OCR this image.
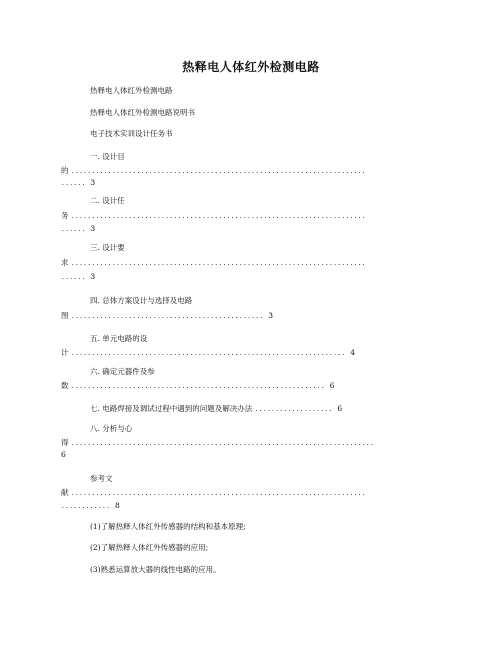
热释电人体红外检测电路
热释电人体红外检测电路
热释电人体红外检测电路说明书
电子技术实训设计任务书
一. 设计目
的 ........................................................................
...... 3
二. 设计任
务 ........................................................................
...... 3
三. 设计要
求 ........................................................................
...... 3
四. 总体方案设计与选择及电路
图 ............................................... 3
五. 单元电路的设
计 ................................................................... 4
六. 确定元器件及参
数 .............................................................. 6
七. 电路焊接及调试过程中遇到的问题及解决办法 ................... 6
八. 分析与心
得 ..........................................................................
6
参考文
献 ........................................................................
............ 8
(1)了解热释人体红外传感器的结构和基本原理;
(2)了解热释人体红外传感器的应用;
(3)熟悉运算放大器的线性电路的应用。
